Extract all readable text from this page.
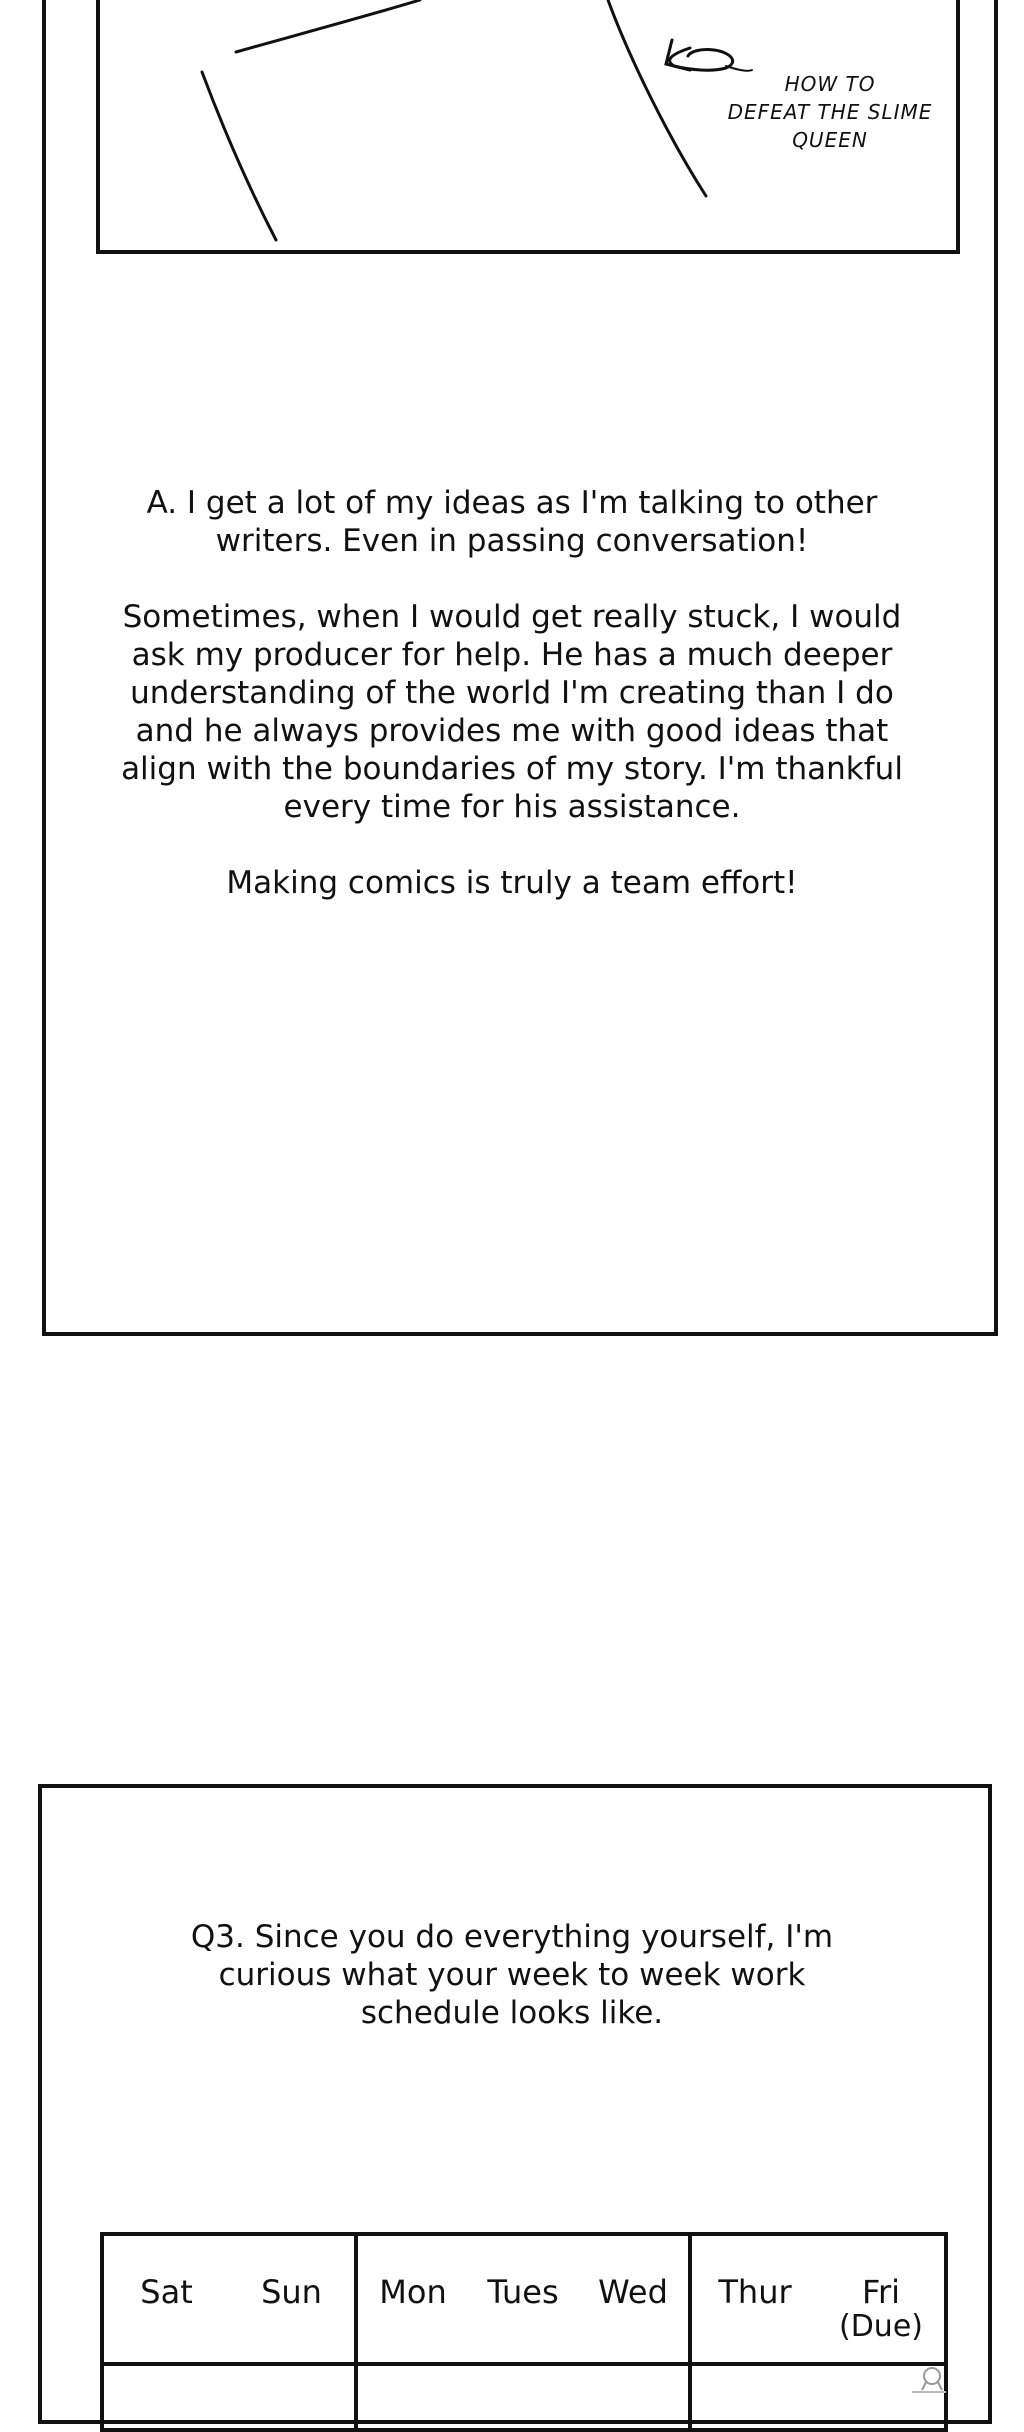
HOW TO
DEFEAT THE SLIME
QUEEN

A. I get a lot of my ideas as I'm talking to other writers. Even in passing conversation!

Sometimes, when I would get really stuck, I would ask my producer for help. He has a much deeper understanding of the world I'm creating than I do and he always provides me with good ideas that align with the boundaries of my story. I'm thankful every time for his assistance.

Making comics is truly a team effort!

Q3. Since you do everything yourself, I'm curious what your week to week work schedule looks like.
Sat	Sun	Mon	Tues	Wed	Thur	Fri
(Due)
